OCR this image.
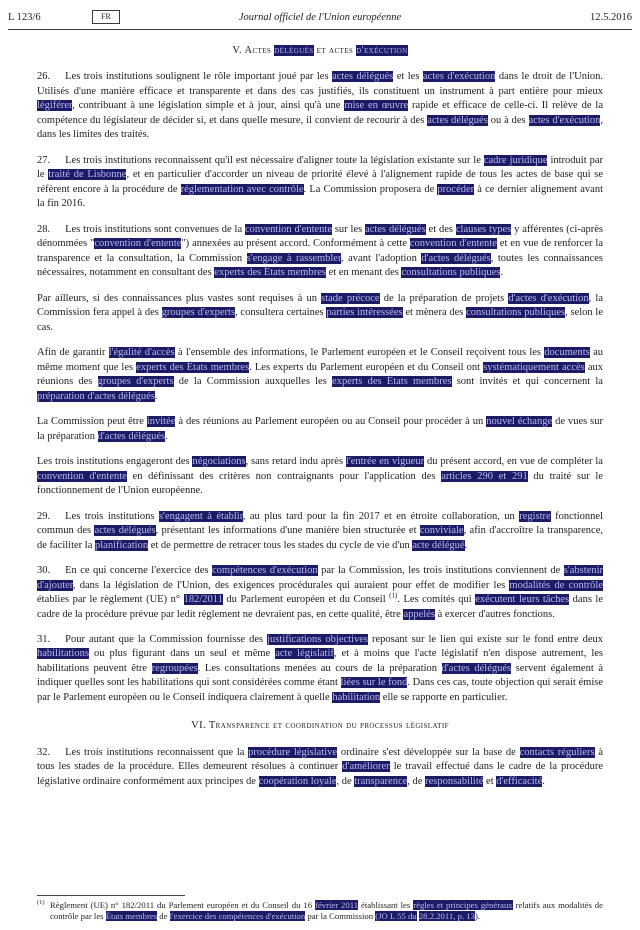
L 123/6	FR	Journal officiel de l'Union européenne	12.5.2016
V. Actes délégués et actes d'exécution
26. Les trois institutions soulignent le rôle important joué par les actes délégués et les actes d'exécution dans le droit de l'Union. Utilisés d'une manière efficace et transparente et dans des cas justifiés, ils constituent un instrument à part entière pour mieux légiférer, contribuant à une législation simple et à jour, ainsi qu'à une mise en œuvre rapide et efficace de celle-ci. Il relève de la compétence du législateur de décider si, et dans quelle mesure, il convient de recourir à des actes délégués ou à des actes d'exécution, dans les limites des traités.
27. Les trois institutions reconnaissent qu'il est nécessaire d'aligner toute la législation existante sur le cadre juridique introduit par le traité de Lisbonne, et en particulier d'accorder un niveau de priorité élevé à l'alignement rapide de tous les actes de base qui se réfèrent encore à la procédure de réglementation avec contrôle. La Commission proposera de procéder à ce dernier alignement avant la fin 2016.
28. Les trois institutions sont convenues de la convention d'entente sur les actes délégués et des clauses types y afférentes (ci-après dénommées "convention d'entente") annexées au présent accord. Conformément à cette convention d'entente et en vue de renforcer la transparence et la consultation, la Commission s'engage à rassembler, avant l'adoption d'actes délégués, toutes les connaissances nécessaires, notamment en consultant des experts des États membres et en menant des consultations publiques.
Par ailleurs, si des connaissances plus vastes sont requises à un stade précoce de la préparation de projets d'actes d'exécution, la Commission fera appel à des groupes d'experts, consultera certaines parties intéressées et mènera des consultations publiques, selon le cas.
Afin de garantir l'égalité d'accès à l'ensemble des informations, le Parlement européen et le Conseil reçoivent tous les documents au même moment que les experts des États membres. Les experts du Parlement européen et du Conseil ont systématiquement accès aux réunions des groupes d'experts de la Commission auxquelles les experts des États membres sont invités et qui concernent la préparation d'actes délégués.
La Commission peut être invitée à des réunions au Parlement européen ou au Conseil pour procéder à un nouvel échange de vues sur la préparation d'actes délégués.
Les trois institutions engageront des négociations, sans retard indu après l'entrée en vigueur du présent accord, en vue de compléter la convention d'entente en définissant des critères non contraignants pour l'application des articles 290 et 291 du traité sur le fonctionnement de l'Union européenne.
29. Les trois institutions s'engagent à établir, au plus tard pour la fin 2017 et en étroite collaboration, un registre fonctionnel commun des actes délégués, présentant les informations d'une manière bien structurée et conviviale, afin d'accroître la transparence, de faciliter la planification et de permettre de retracer tous les stades du cycle de vie d'un acte délégué.
30. En ce qui concerne l'exercice des compétences d'exécution par la Commission, les trois institutions conviennent de s'abstenir d'ajouter, dans la législation de l'Union, des exigences procédurales qui auraient pour effet de modifier les modalités de contrôle établies par le règlement (UE) n° 182/2011 du Parlement européen et du Conseil $^{(1)}$. Les comités qui exécutent leurs tâches dans le cadre de la procédure prévue par ledit règlement ne devraient pas, en cette qualité, être appelés à exercer d'autres fonctions.
31. Pour autant que la Commission fournisse des justifications objectives reposant sur le lien qui existe sur le fond entre deux habilitations ou plus figurant dans un seul et même acte législatif, et à moins que l'acte législatif n'en dispose autrement, les habilitations peuvent être regroupées. Les consultations menées au cours de la préparation d'actes délégués servent également à indiquer quelles sont les habilitations qui sont considérées comme étant liées sur le fond. Dans ces cas, toute objection qui serait émise par le Parlement européen ou le Conseil indiquera clairement à quelle habilitation elle se rapporte en particulier.
VI. Transparence et coordination du processus législatif
32. Les trois institutions reconnaissent que la procédure législative ordinaire s'est développée sur la base de contacts réguliers à tous les stades de la procédure. Elles demeurent résolues à continuer d'améliorer le travail effectué dans le cadre de la procédure législative ordinaire conformément aux principes de coopération loyale, de transparence, de responsabilité et d'efficacité.
(1) Règlement (UE) n° 182/2011 du Parlement européen et du Conseil du 16 février 2011 établissant les règles et principes généraux relatifs aux modalités de contrôle par les États membres de l'exercice des compétences d'exécution par la Commission (JO L 55 du 28.2.2011, p. 13).
